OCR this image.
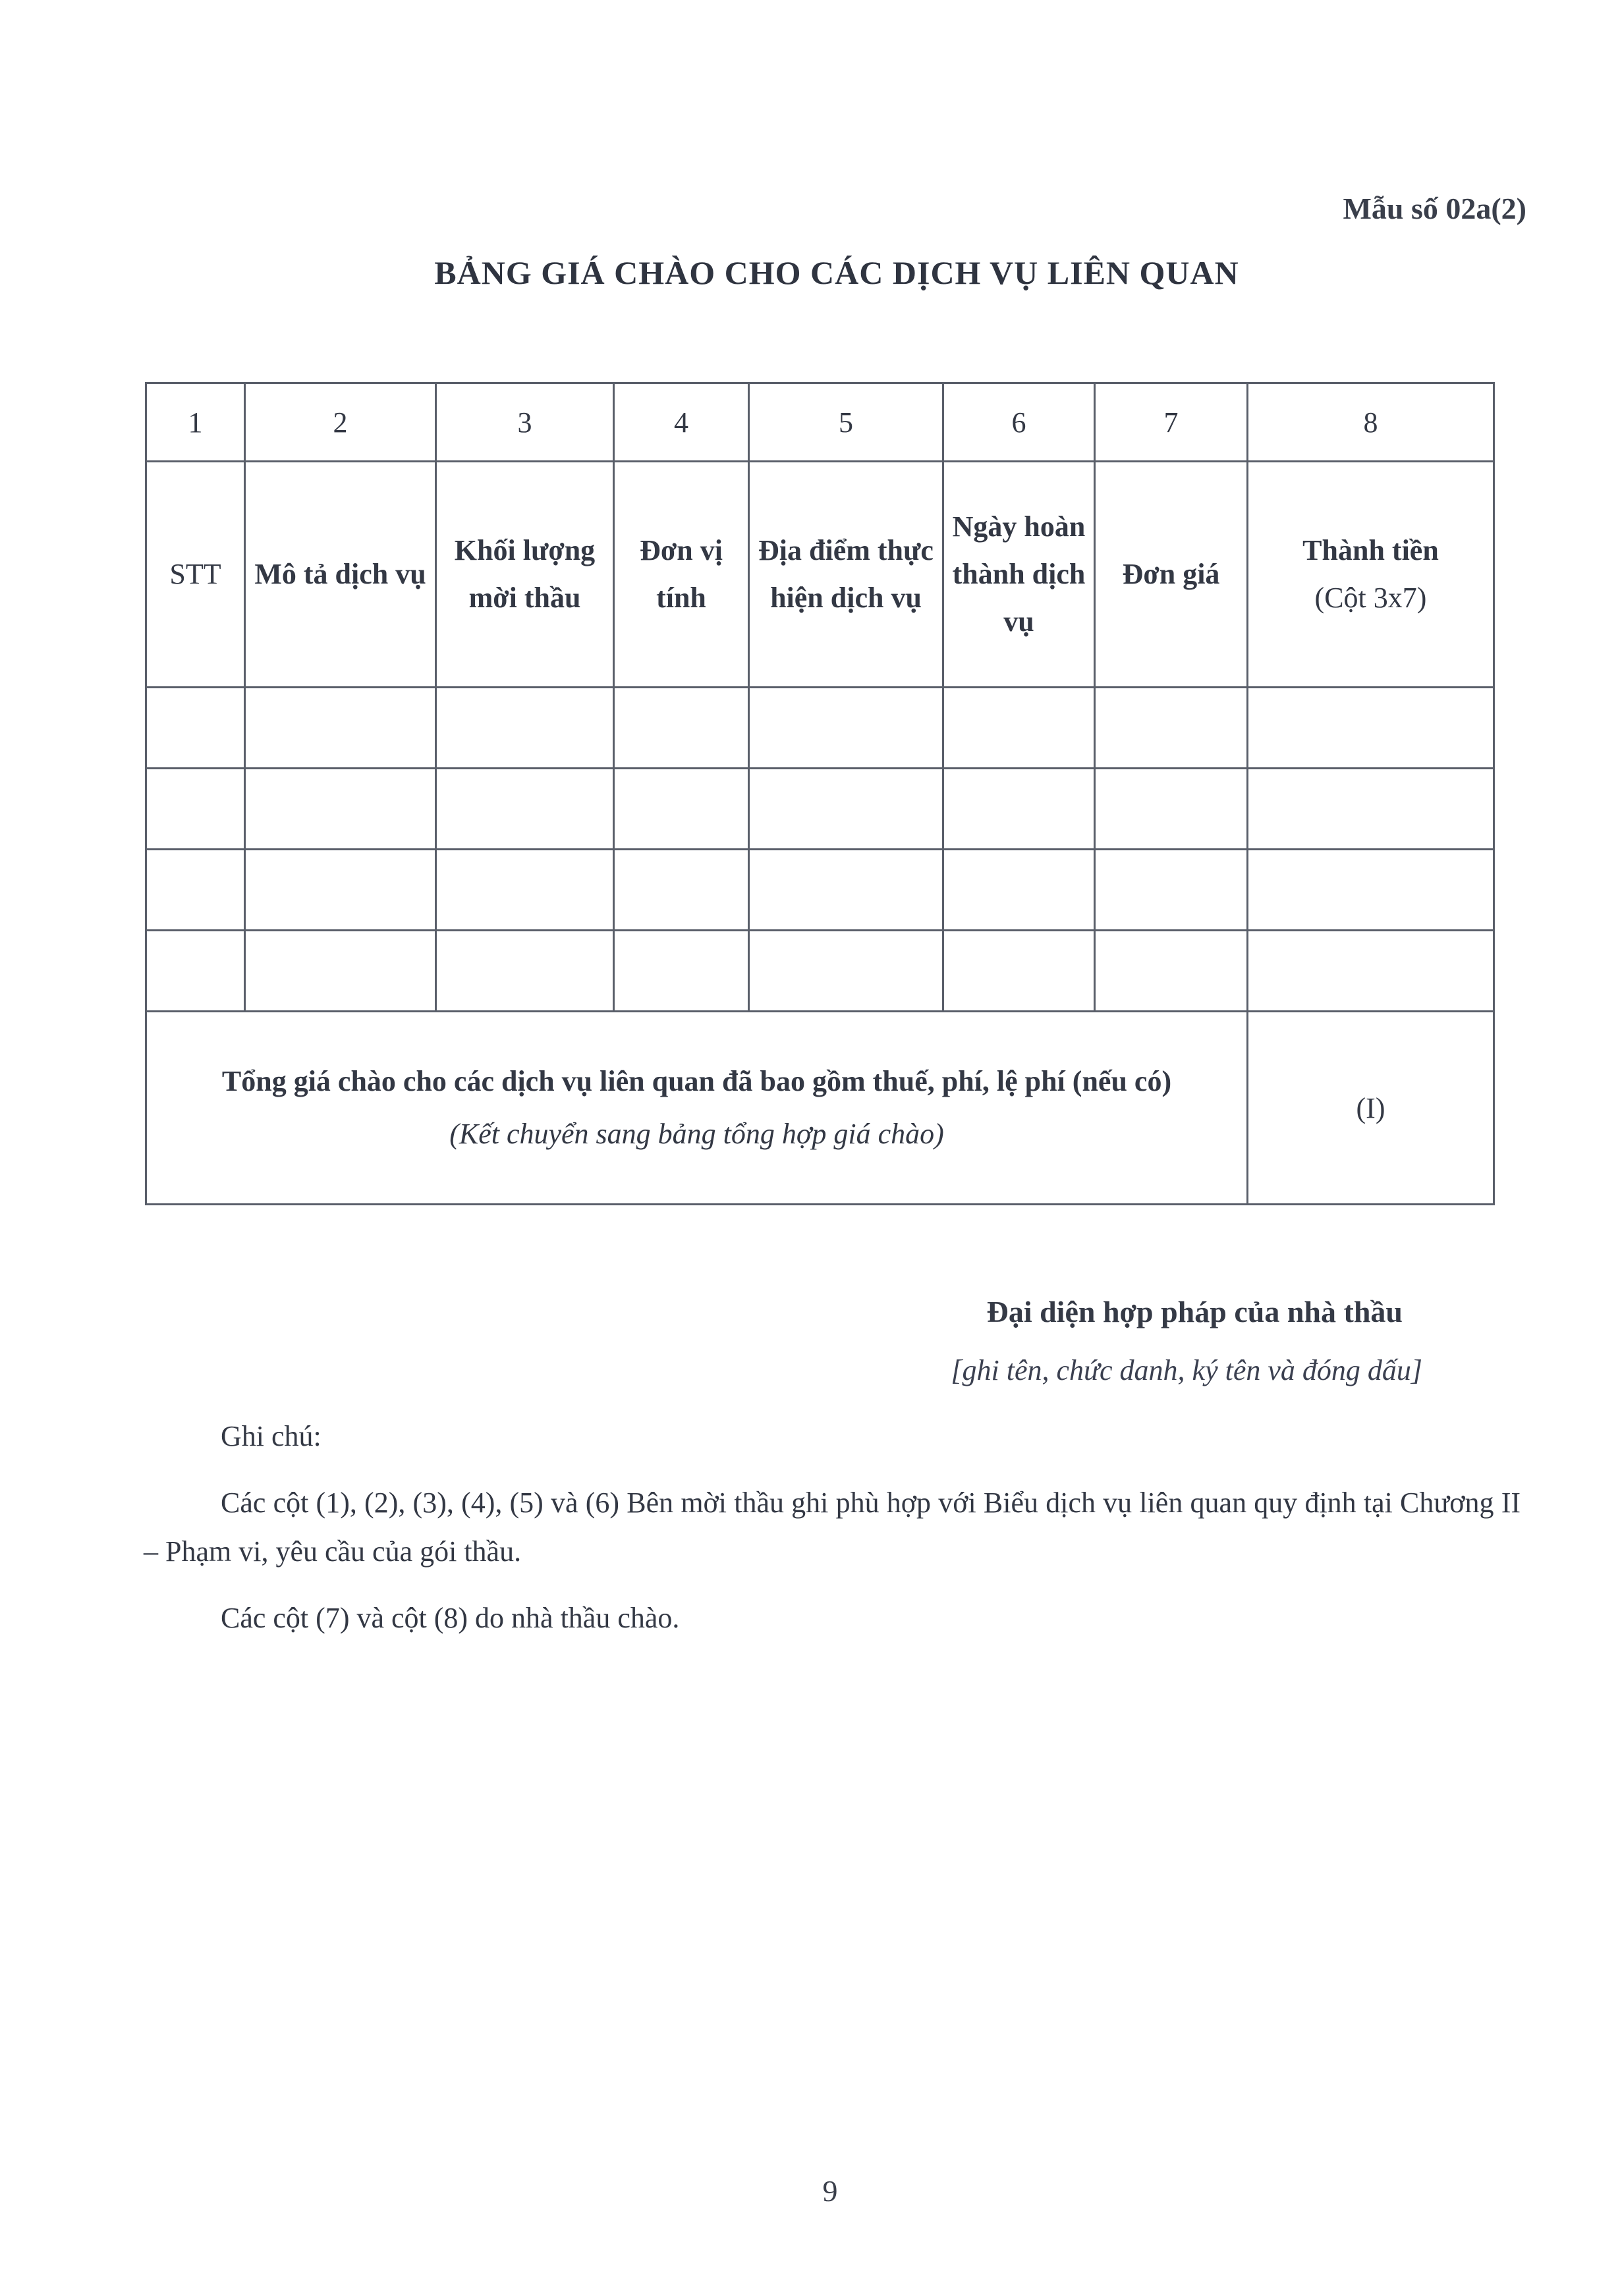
Mẫu số 02a(2)
BẢNG GIÁ CHÀO CHO CÁC DỊCH VỤ LIÊN QUAN
1	2	3	4	5	6	7	8
STT	Mô tả dịch vụ	Khối lượng mời thầu	Đơn vị tính	Địa điểm thực hiện dịch vụ	Ngày hoàn thành dịch vụ	Đơn giá	Thành tiền
(Cột 3x7)

Tổng giá chào cho các dịch vụ liên quan đã bao gồm thuế, phí, lệ phí (nếu có)
(Kết chuyển sang bảng tổng hợp giá chào)							(I)
Đại diện hợp pháp của nhà thầu
[ghi tên, chức danh, ký tên và đóng dấu]
Ghi chú:
Các cột (1), (2), (3), (4), (5) và (6) Bên mời thầu ghi phù hợp với Biểu dịch vụ liên quan quy định tại Chương II – Phạm vi, yêu cầu của gói thầu.
Các cột (7) và cột (8) do nhà thầu chào.
9
